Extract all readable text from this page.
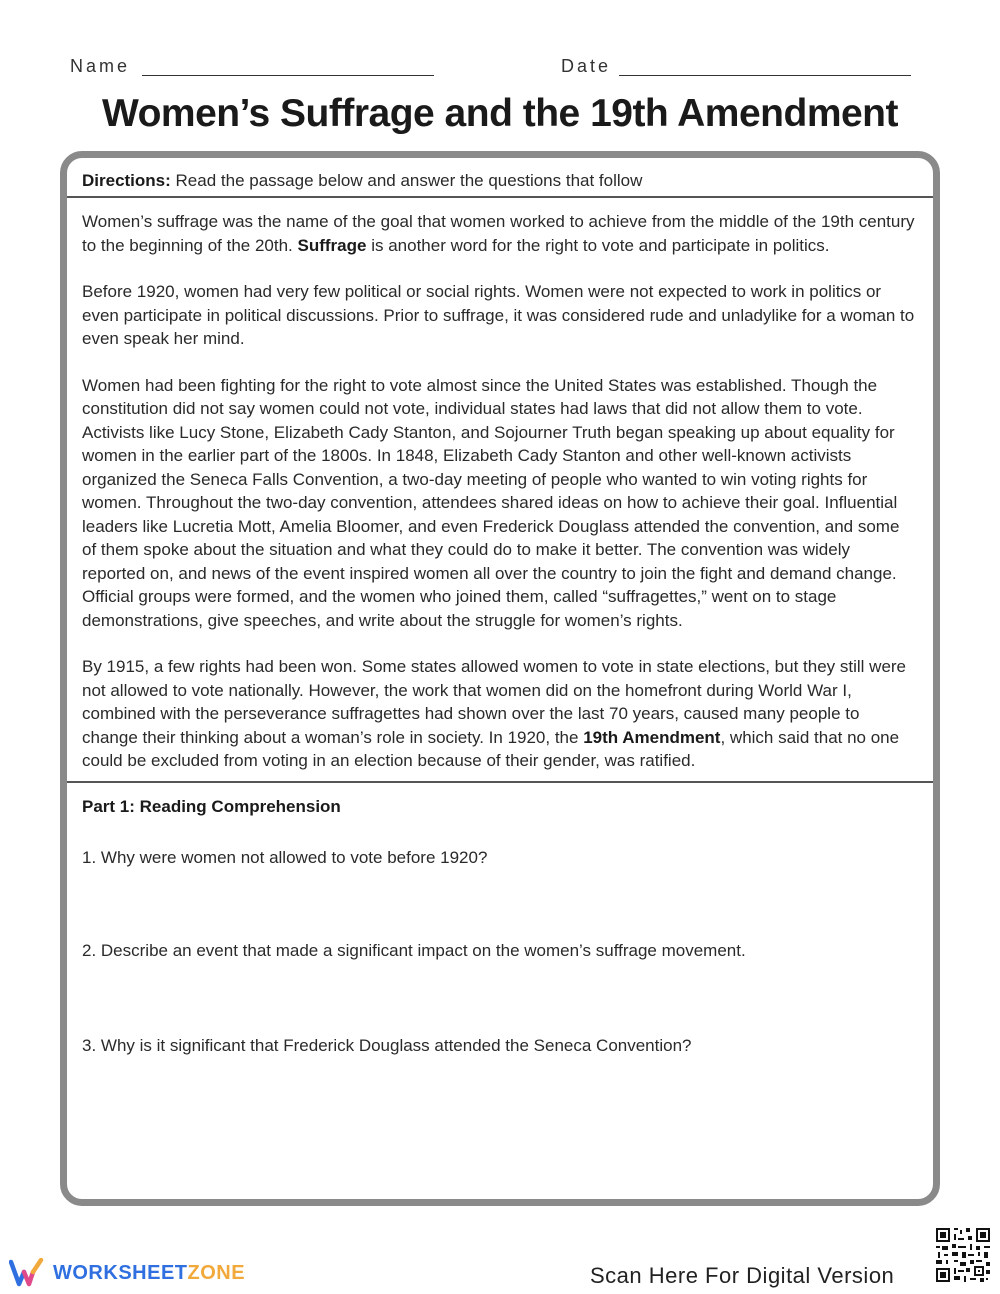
Name	Date
Women’s Suffrage and the 19th Amendment
Directions: Read the passage below and answer the questions that follow

Women’s suffrage was the name of the goal that women worked to achieve from the middle of the 19th century to the beginning of the 20th. Suffrage is another word for the right to vote and participate in politics.

Before 1920, women had very few political or social rights. Women were not expected to work in politics or even participate in political discussions. Prior to suffrage, it was considered rude and unladylike for a woman to even speak her mind.

Women had been fighting for the right to vote almost since the United States was established. Though the constitution did not say women could not vote, individual states had laws that did not allow them to vote. Activists like Lucy Stone, Elizabeth Cady Stanton, and Sojourner Truth began speaking up about equality for women in the earlier part of the 1800s. In 1848, Elizabeth Cady Stanton and other well-known activists organized the Seneca Falls Convention, a two-day meeting of people who wanted to win voting rights for women. Throughout the two-day convention, attendees shared ideas on how to achieve their goal. Influential leaders like Lucretia Mott, Amelia Bloomer, and even Frederick Douglass attended the convention, and some of them spoke about the situation and what they could do to make it better. The convention was widely reported on, and news of the event inspired women all over the country to join the fight and demand change. Official groups were formed, and the women who joined them, called “suffragettes,” went on to stage demonstrations, give speeches, and write about the struggle for women’s rights.

By 1915, a few rights had been won. Some states allowed women to vote in state elections, but they still were not allowed to vote nationally. However, the work that women did on the homefront during World War I, combined with the perseverance suffragettes had shown over the last 70 years, caused many people to change their thinking about a woman’s role in society. In 1920, the 19th Amendment, which said that no one could be excluded from voting in an election because of their gender, was ratified.

Part 1: Reading Comprehension

1. Why were women not allowed to vote before 1920?

2. Describe an event that made a significant impact on the women’s suffrage movement.

3. Why is it significant that Frederick Douglass attended the Seneca Convention?

WORKSHEETZONE	Scan Here For Digital Version
